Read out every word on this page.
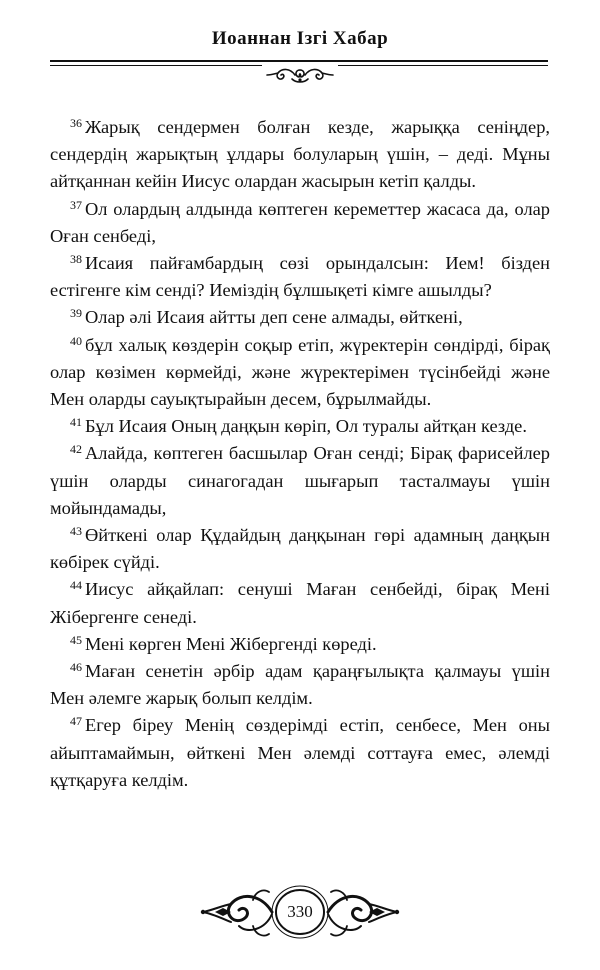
Иоаннан Ізгі Хабар

$^{36}$ Жарық сендермен болған кезде, жарыққа сеніңдер, сендердің жарықтың ұлдары болуларың үшін, – деді. Мұны айтқаннан кейін Иисус олардан жасырын кетіп қалды.

$^{37}$ Ол олардың алдында көптеген кереметтер жасаса да, олар Оған сенбеді,

$^{38}$ Исаия пайғамбардың сөзі орындалсын: Ием! бізден естігенге кім сенді? Иеміздің бұлшықеті кімге ашылды?

$^{39}$ Олар әлі Исаия айтты деп сене алмады, өйткені,

$^{40}$ бұл халық көздерін соқыр етіп, жүректерін сөндірді, бірақ олар көзімен көрмейді, және жүректерімен түсінбейді және Мен оларды сауықтырайын десем, бұрылмайды.

$^{41}$ Бұл Исаия Оның даңқын көріп, Ол туралы айтқан кезде.

$^{42}$ Алайда, көптеген басшылар Оған сенді; Бірақ фарисейлер үшін оларды синагогадан шығарып тасталмауы үшін мойындамады,

$^{43}$ Өйткені олар Құдайдың даңқынан гөрі адамның даңқын көбірек сүйді.

$^{44}$ Иисус айқайлап: сенуші Маған сенбейді, бірақ Мені Жібергенге сенеді.

$^{45}$ Мені көрген Мені Жібергенді көреді.

$^{46}$ Маған сенетін әрбір адам қараңғылықта қалмауы үшін Мен әлемге жарық болып келдім.

$^{47}$ Егер біреу Менің сөздерімді естіп, сенбесе, Мен оны айыптамаймын, өйткені Мен әлемді соттауға емес, әлемді құтқаруға келдім.

330
